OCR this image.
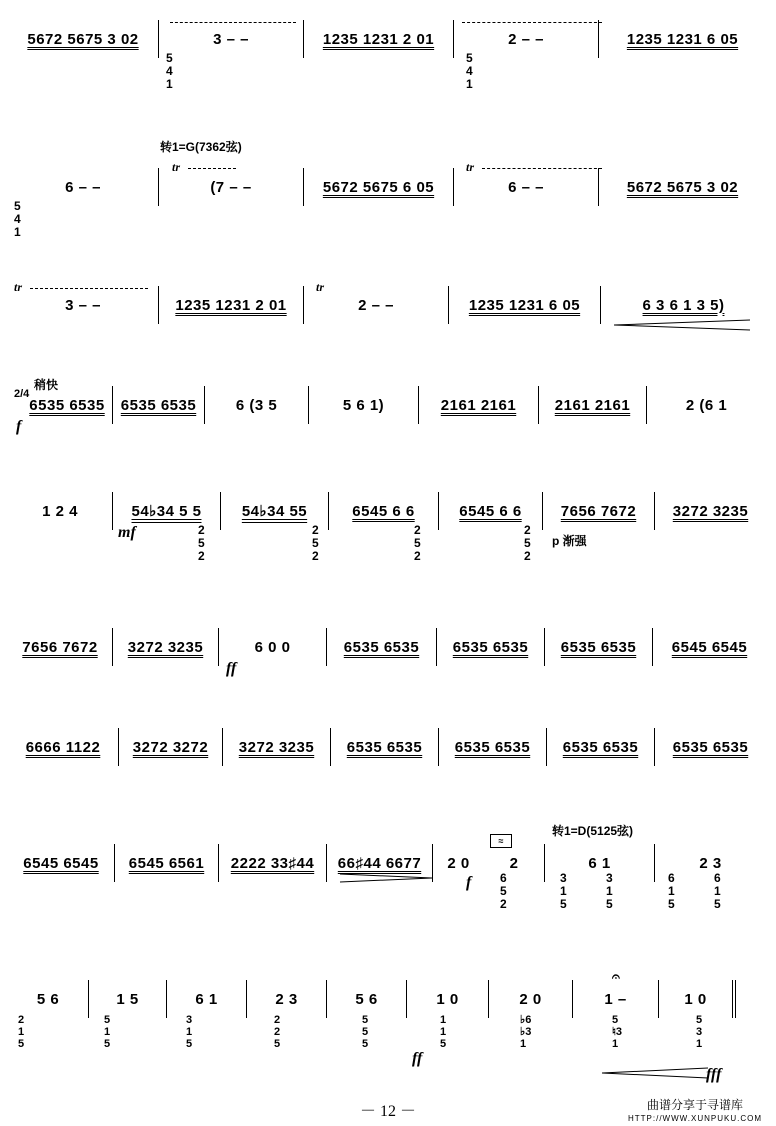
5672 5675 3 02	3 – –	1235 1231 2 01	2 – –	1235 1231 6 05
5
4
1
5
4
1
转1=G(7362弦)
tr	tr
6 – –	(7 – –	5672 5675 6 05	6 – –	5672 5675 3 02
5
4
1
tr	tr
3 – –	1235 1231 2 01	2 – –	1235 1231 6 05	6 3 6 1 3 5)
2/4
稍快
6535 6535 6535 6535	6 (3 5	5 6 1)	2161 2161	2161 2161	2 (6 1
f
1 2 4	54♭34 5 5	54♭34 55	6545 6 6	6545 6 6	7656 7672 3272 3235
mf	p 渐强
2
5
2
2
5
2
2
5
2
2
5
2
7656 7672 3272 3235	6 0 0	6535 6535 6535 6535 6535 6535 6545 6545
ff
6666 1122 3272 3272 3272 3235 6535 6535 6535 6535 6535 6535 6535 6535
转1=D(5125弦)
≈
6545 6545 6545 6561 2222 33♯44 66♯44 6677 2 0	2	6 1	2 3
f 6
5
2
3
1
5
3
1
5
6
1
5
6
1
5
5 6	1 5	6 1	2 3	5 6	1 0	2 0	1 –	1 0
2
1
5
5
1
5
3
1
5
2
2
5
5
5
5
1
1
5
♭6
♭3
1
5
♮3
1
5
3
1
ff
𝄐
fff
－ 12 －	曲谱分享于寻谱库
HTTP://WWW.XUNPUKU.COM
